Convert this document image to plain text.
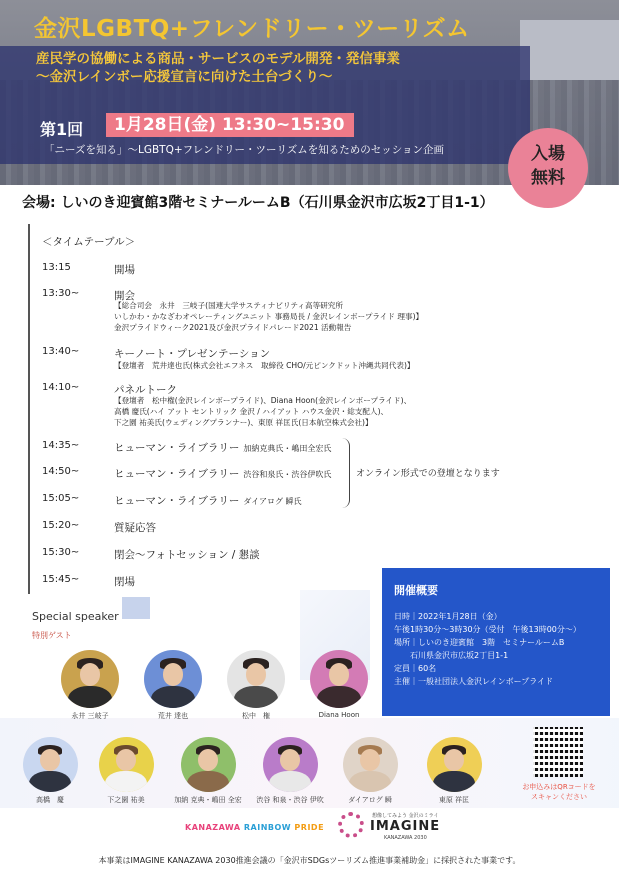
金沢LGBTQ+フレンドリー・ツーリズム
産民学の協働による商品・サービスのモデル開発・発信事業
〜金沢レインボー応援宣言に向けた土台づくり〜
第1回	1月28日(金) 13:30~15:30
「ニーズを知る」〜LGBTQ+フレンドリー・ツーリズムを知るためのセッション企画	入場
無料
会場: しいのき迎賓館3階セミナールームB（石川県金沢市広坂2丁目1-1）
＜タイムテーブル＞
13:15	開場
13:30~	開会
【総合司会　永井　三岐子(国連大学サスティナビリティ高等研究所
いしかわ・かなざわオペレーティングユニット 事務局長 / 金沢レインボープライド 理事)】
金沢プライドウィーク2021及び金沢プライドパレード2021 活動報告
13:40~	キーノート・プレゼンテーション
【登壇者　荒井達也氏(株式会社エフネス　取締役 CHO/元ピンクドット沖縄共同代表)】
14:10~	パネルトーク
【登壇者　松中権(金沢レインボープライド)、Diana Hoon(金沢レインボープライド)、
高橋 慶氏(ハイ アット セントリック 金沢 / ハイアット ハウス金沢・総支配人)、
下之園 祐美氏(ウェディングプランナー)、東原 祥匡氏(日本航空株式会社)】
14:35~	ヒューマン・ライブラリー 加納克典氏・嶋田全宏氏
14:50~	ヒューマン・ライブラリー 渋谷和泉氏・渋谷伊吹氏
15:05~	ヒューマン・ライブラリー ダイアログ 瞬氏
オンライン形式での登壇となります
15:20~	質疑応答
15:30~	閉会〜フォトセッション / 懇談
15:45~	閉場
開催概要
日時｜2022年1月28日（金）
午後1時30分～3時30分（受付　午後13時00分～）
場所｜しいのき迎賓館　3階　セミナールームB
　　石川県金沢市広坂2丁目1-1
定員｜60名
主催｜一般社団法人金沢レインボープライド
Special speaker
特別ゲスト
永井 三岐子	荒井 達也	松中　権	Diana Hoon
高橋　慶	下之園 祐美	加納 克典・嶋田 全宏	渋谷 和泉・渋谷 伊吹	ダイアログ 瞬	東原 祥匡
お申込みはQRコードを
スキャンください
KANAZAWA RAINBOW PRIDE
想像してみよう 金沢のミライ
IMAGINE
KANAZAWA 2030
本事業はIMAGINE KANAZAWA 2030推進会議の「金沢市SDGsツーリズム推進事業補助金」に採択された事業です。
